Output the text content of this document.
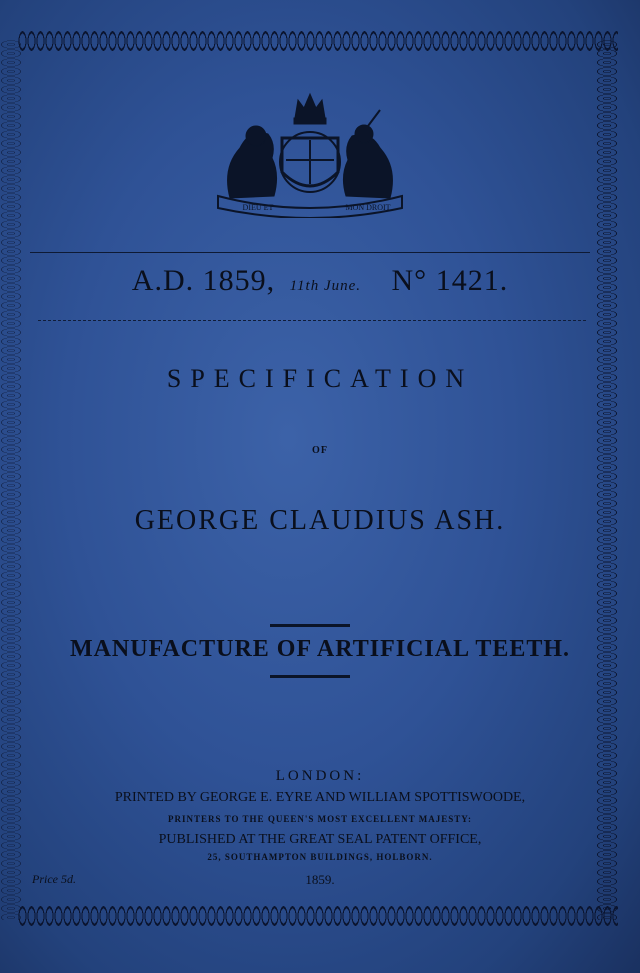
DIEU ET	MON DROIT
A.D. 1859, 11th June. N° 1421.
SPECIFICATION
OF
GEORGE CLAUDIUS ASH.
MANUFACTURE OF ARTIFICIAL TEETH.
LONDON:
PRINTED BY GEORGE E. EYRE AND WILLIAM SPOTTISWOODE,
PRINTERS TO THE QUEEN'S MOST EXCELLENT MAJESTY:
PUBLISHED AT THE GREAT SEAL PATENT OFFICE,
25, SOUTHAMPTON BUILDINGS, HOLBORN.
1859.
Price 5d.
